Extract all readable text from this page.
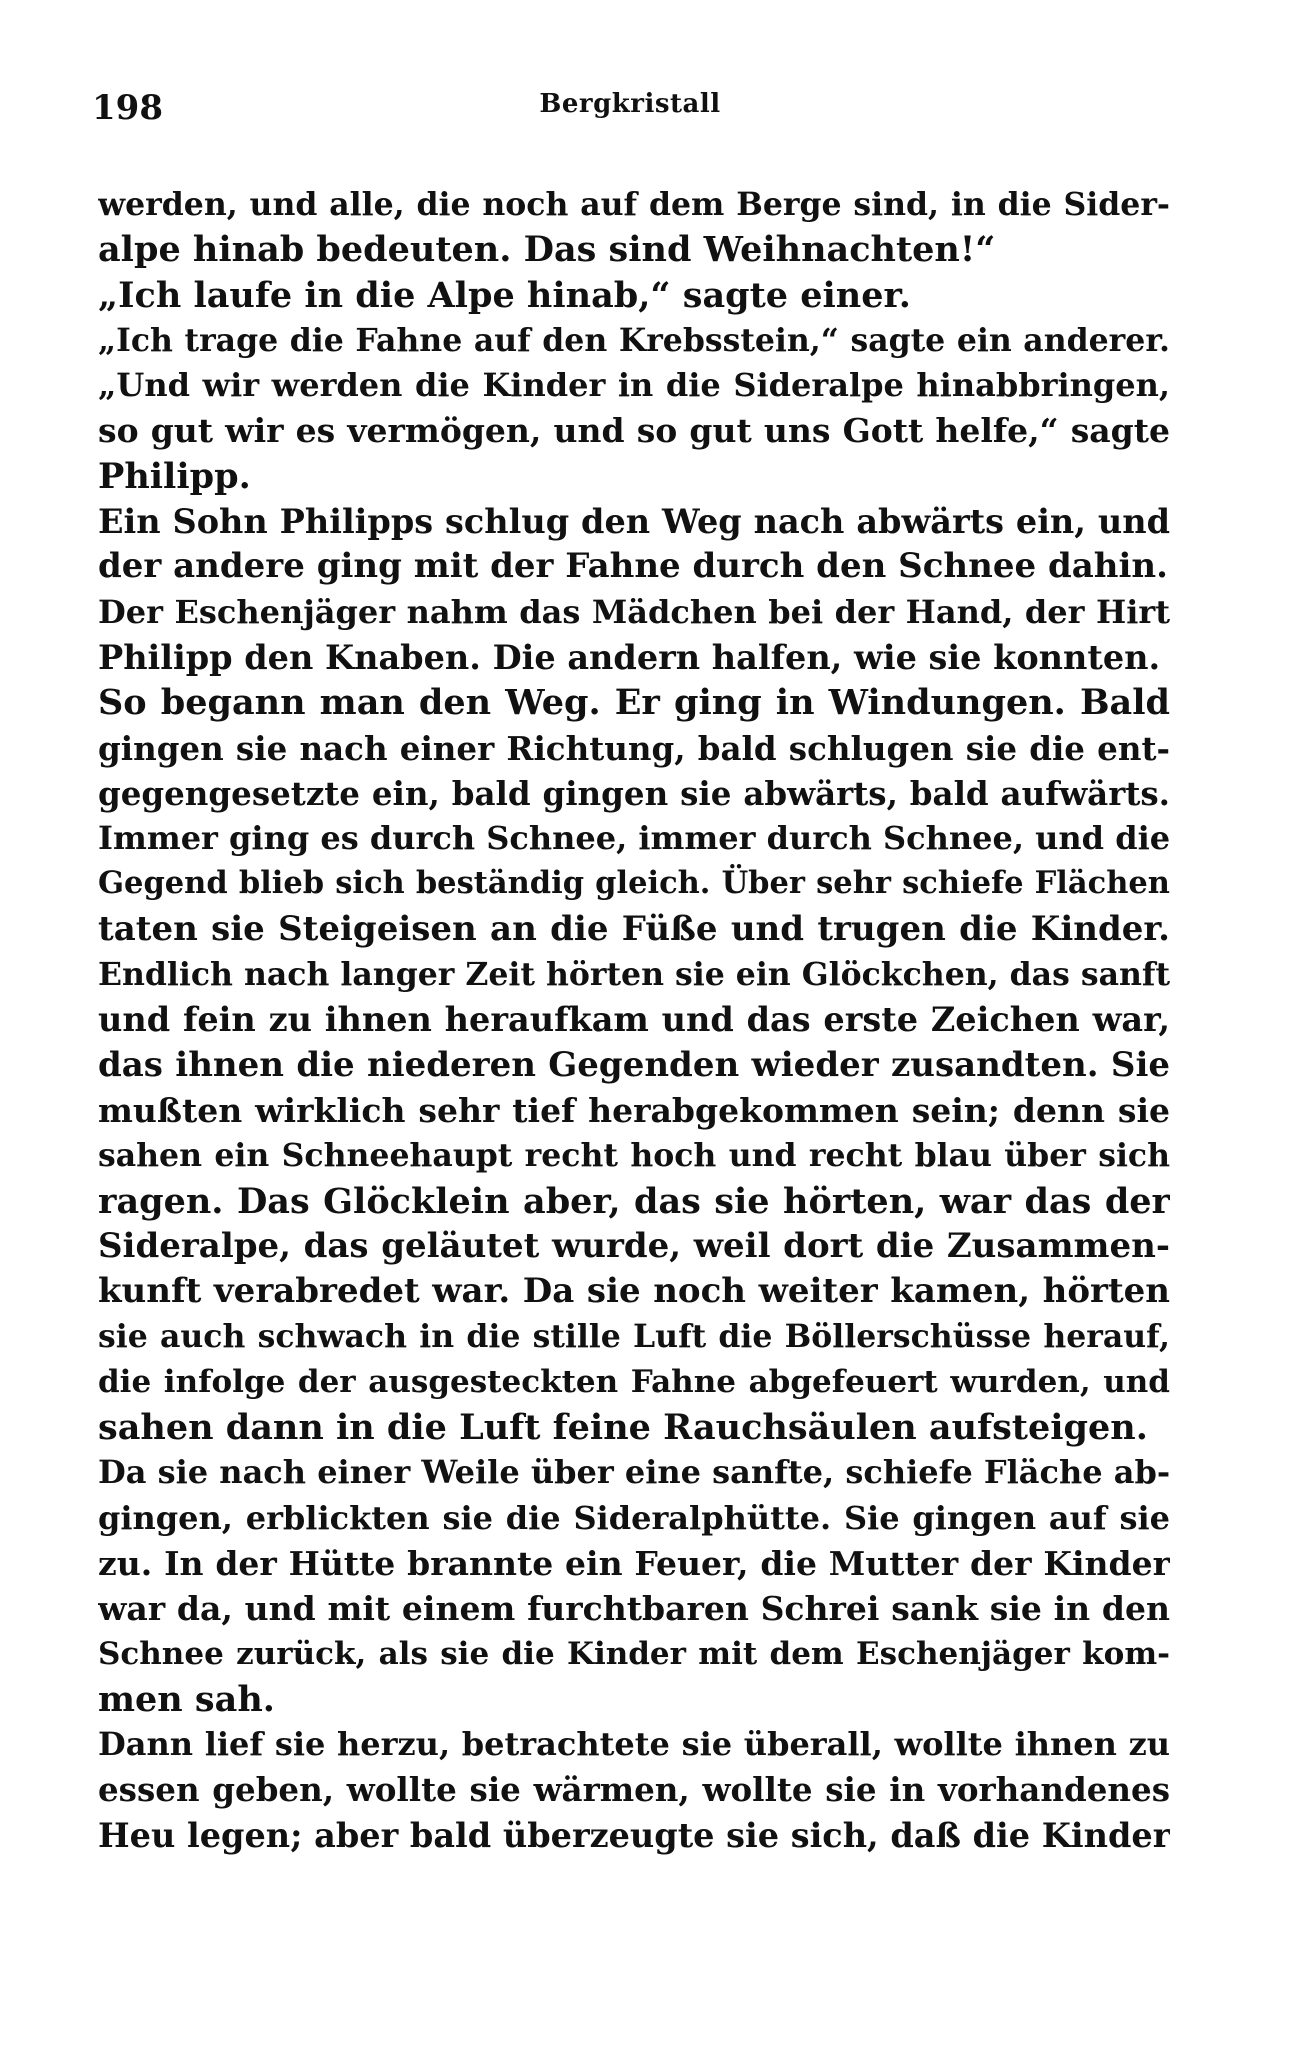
198	Bergkristall
werden, und alle, die noch auf dem Berge sind, in die Sider-
alpe hinab bedeuten. Das sind Weihnachten!“
„Ich laufe in die Alpe hinab,“ sagte einer.
„Ich trage die Fahne auf den Krebsstein,“ sagte ein anderer.
„Und wir werden die Kinder in die Sideralpe hinabbringen,
so gut wir es vermögen, und so gut uns Gott helfe,“ sagte
Philipp.
Ein Sohn Philipps schlug den Weg nach abwärts ein, und
der andere ging mit der Fahne durch den Schnee dahin.
Der Eschenjäger nahm das Mädchen bei der Hand, der Hirt
Philipp den Knaben. Die andern halfen, wie sie konnten.
So begann man den Weg. Er ging in Windungen. Bald
gingen sie nach einer Richtung, bald schlugen sie die ent-
gegengesetzte ein, bald gingen sie abwärts, bald aufwärts.
Immer ging es durch Schnee, immer durch Schnee, und die
Gegend blieb sich beständig gleich. Über sehr schiefe Flächen
taten sie Steigeisen an die Füße und trugen die Kinder.
Endlich nach langer Zeit hörten sie ein Glöckchen, das sanft
und fein zu ihnen heraufkam und das erste Zeichen war,
das ihnen die niederen Gegenden wieder zusandten. Sie
mußten wirklich sehr tief herabgekommen sein; denn sie
sahen ein Schneehaupt recht hoch und recht blau über sich
ragen. Das Glöcklein aber, das sie hörten, war das der
Sideralpe, das geläutet wurde, weil dort die Zusammen-
kunft verabredet war. Da sie noch weiter kamen, hörten
sie auch schwach in die stille Luft die Böllerschüsse herauf,
die infolge der ausgesteckten Fahne abgefeuert wurden, und
sahen dann in die Luft feine Rauchsäulen aufsteigen.
Da sie nach einer Weile über eine sanfte, schiefe Fläche ab-
gingen, erblickten sie die Sideralphütte. Sie gingen auf sie
zu. In der Hütte brannte ein Feuer, die Mutter der Kinder
war da, und mit einem furchtbaren Schrei sank sie in den
Schnee zurück, als sie die Kinder mit dem Eschenjäger kom-
men sah.
Dann lief sie herzu, betrachtete sie überall, wollte ihnen zu
essen geben, wollte sie wärmen, wollte sie in vorhandenes
Heu legen; aber bald überzeugte sie sich, daß die Kinder
